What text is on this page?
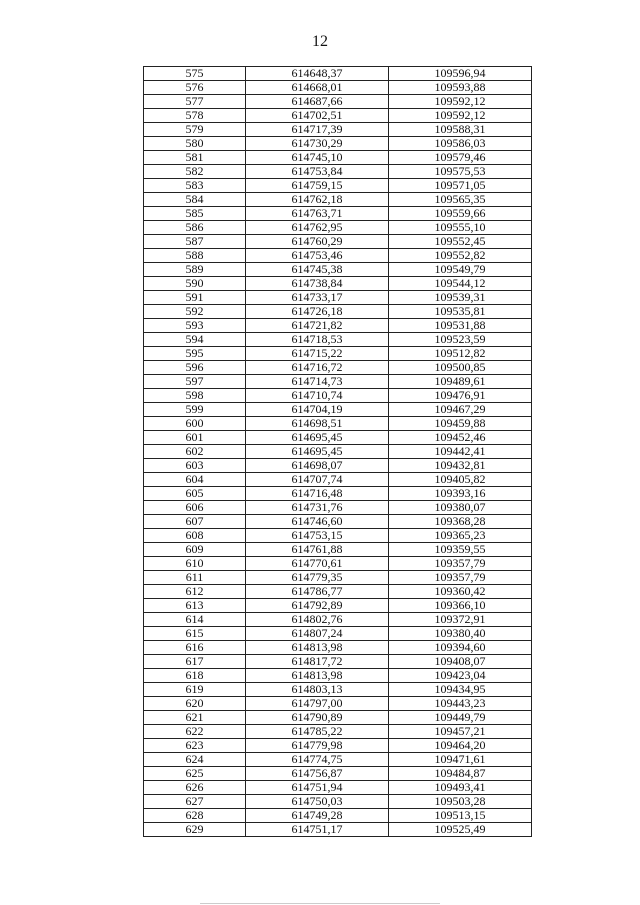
12
575	614648,37	109596,94
576	614668,01	109593,88
577	614687,66	109592,12
578	614702,51	109592,12
579	614717,39	109588,31
580	614730,29	109586,03
581	614745,10	109579,46
582	614753,84	109575,53
583	614759,15	109571,05
584	614762,18	109565,35
585	614763,71	109559,66
586	614762,95	109555,10
587	614760,29	109552,45
588	614753,46	109552,82
589	614745,38	109549,79
590	614738,84	109544,12
591	614733,17	109539,31
592	614726,18	109535,81
593	614721,82	109531,88
594	614718,53	109523,59
595	614715,22	109512,82
596	614716,72	109500,85
597	614714,73	109489,61
598	614710,74	109476,91
599	614704,19	109467,29
600	614698,51	109459,88
601	614695,45	109452,46
602	614695,45	109442,41
603	614698,07	109432,81
604	614707,74	109405,82
605	614716,48	109393,16
606	614731,76	109380,07
607	614746,60	109368,28
608	614753,15	109365,23
609	614761,88	109359,55
610	614770,61	109357,79
611	614779,35	109357,79
612	614786,77	109360,42
613	614792,89	109366,10
614	614802,76	109372,91
615	614807,24	109380,40
616	614813,98	109394,60
617	614817,72	109408,07
618	614813,98	109423,04
619	614803,13	109434,95
620	614797,00	109443,23
621	614790,89	109449,79
622	614785,22	109457,21
623	614779,98	109464,20
624	614774,75	109471,61
625	614756,87	109484,87
626	614751,94	109493,41
627	614750,03	109503,28
628	614749,28	109513,15
629	614751,17	109525,49
